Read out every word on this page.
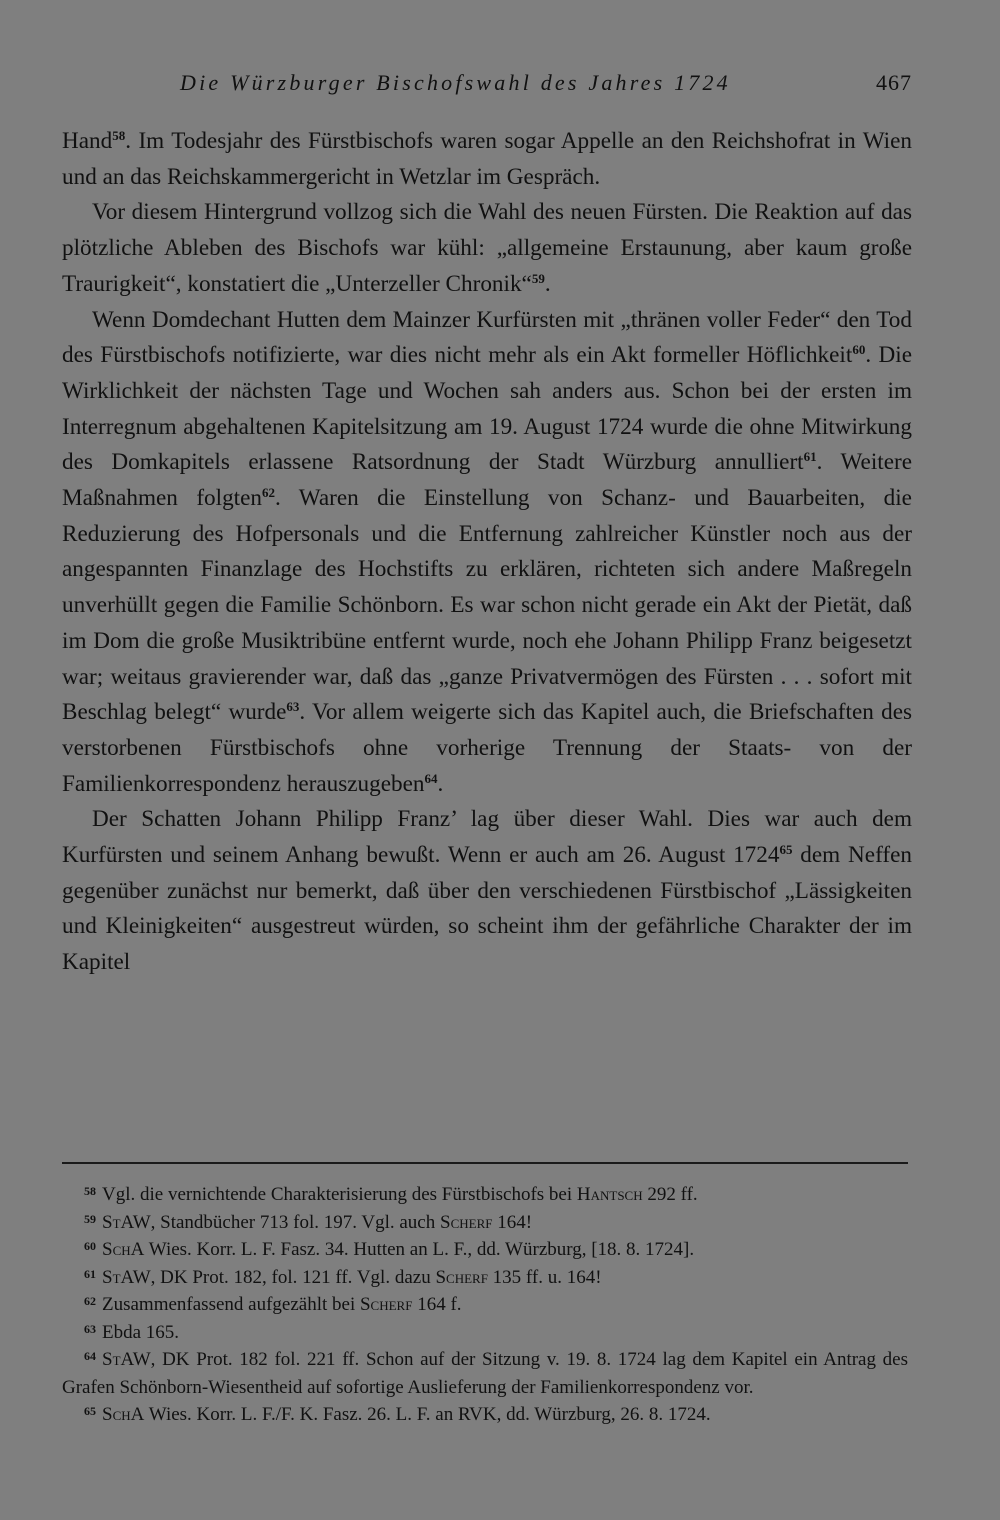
Die Würzburger Bischofswahl des Jahres 1724	467

Hand$^{58}$. Im Todesjahr des Fürstbischofs waren sogar Appelle an den Reichshofrat in Wien und an das Reichskammergericht in Wetzlar im Gespräch.

Vor diesem Hintergrund vollzog sich die Wahl des neuen Fürsten. Die Reaktion auf das plötzliche Ableben des Bischofs war kühl: „allgemeine Erstaunung, aber kaum große Traurigkeit“, konstatiert die „Unterzeller Chronik“$^{59}$.

Wenn Domdechant Hutten dem Mainzer Kurfürsten mit „thränen voller Feder“ den Tod des Fürstbischofs notifizierte, war dies nicht mehr als ein Akt formeller Höflichkeit$^{60}$. Die Wirklichkeit der nächsten Tage und Wochen sah anders aus. Schon bei der ersten im Interregnum abgehaltenen Kapitelsitzung am 19. August 1724 wurde die ohne Mitwirkung des Domkapitels erlassene Ratsordnung der Stadt Würzburg annulliert$^{61}$. Weitere Maßnahmen folgten$^{62}$. Waren die Einstellung von Schanz- und Bauarbeiten, die Reduzierung des Hofpersonals und die Entfernung zahlreicher Künstler noch aus der angespannten Finanzlage des Hochstifts zu erklären, richteten sich andere Maßregeln unverhüllt gegen die Familie Schönborn. Es war schon nicht gerade ein Akt der Pietät, daß im Dom die große Musiktribüne entfernt wurde, noch ehe Johann Philipp Franz beigesetzt war; weitaus gravierender war, daß das „ganze Privatvermögen des Fürsten . . . sofort mit Beschlag belegt“ wurde$^{63}$. Vor allem weigerte sich das Kapitel auch, die Briefschaften des verstorbenen Fürstbischofs ohne vorherige Trennung der Staats- von der Familienkorrespondenz herauszugeben$^{64}$.

Der Schatten Johann Philipp Franz’ lag über dieser Wahl. Dies war auch dem Kurfürsten und seinem Anhang bewußt. Wenn er auch am 26. August 1724$^{65}$ dem Neffen gegenüber zunächst nur bemerkt, daß über den verschiedenen Fürstbischof „Lässigkeiten und Kleinigkeiten“ ausgestreut würden, so scheint ihm der gefährliche Charakter der im Kapitel

$^{58}$ Vgl. die vernichtende Charakterisierung des Fürstbischofs bei Hantsch 292 ff.

$^{59}$ StAW, Standbücher 713 fol. 197. Vgl. auch Scherf 164!

$^{60}$ SchA Wies. Korr. L. F. Fasz. 34. Hutten an L. F., dd. Würzburg, [18. 8. 1724].

$^{61}$ StAW, DK Prot. 182, fol. 121 ff. Vgl. dazu Scherf 135 ff. u. 164!

$^{62}$ Zusammenfassend aufgezählt bei Scherf 164 f.

$^{63}$ Ebda 165.

$^{64}$ StAW, DK Prot. 182 fol. 221 ff. Schon auf der Sitzung v. 19. 8. 1724 lag dem Kapitel ein Antrag des Grafen Schönborn-Wiesentheid auf sofortige Auslieferung der Familienkorrespondenz vor.

$^{65}$ SchA Wies. Korr. L. F./F. K. Fasz. 26. L. F. an RVK, dd. Würzburg, 26. 8. 1724.
